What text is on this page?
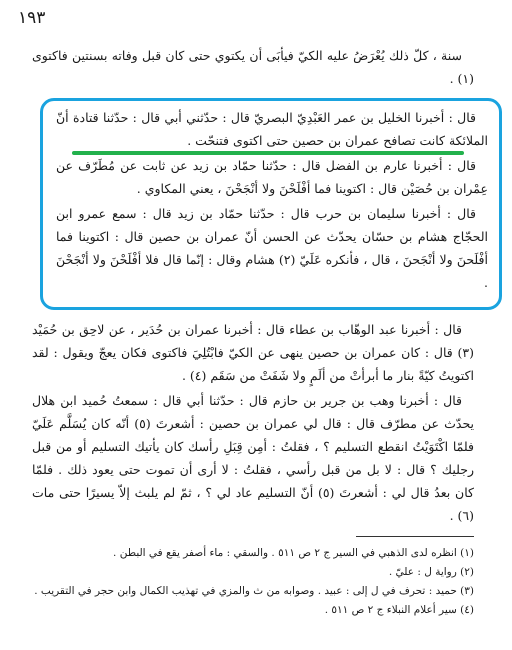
١٩٣

سنة ، كلّ ذلك يُعْرَضُ عليه الكيّ فيأبَى أن يكتوي حتى كان قبل وفاته بسنتين فاكتوى (١) .

قال : أخبرنا الخليل بن عمر العَبْدِيّ البصريّ قال : حدّثني أبي قال : حدّثنا قتادة أنّ الملائكة كانت تصافح عمران بن حصين حتى اكتوى فتنحّت .

قال : أخبرنا عارم بن الفضل قال : حدّثنا حمّاد بن زيد عن ثابت عن مُطَرّف عن عِمْران بن حُصَيْن قال : اكتوينا فما أفْلَحْنَ ولا أنْجَحْنَ ، يعني المكاوي .

قال : أخبرنا سليمان بن حرب قال : حدّثنا حمّاد بن زيد قال : سمع عمرو ابن الحجّاج هشام بن حسّان يحدّث عن الحسن أنّ عمران بن حصين قال : اكتوينا فما أفْلَحنَ ولا أنْجَحنَ ، قال ، فأنكره عَلَيّ (٢) هشام وقال : إنّما قال فلا أفْلَحْنَ ولا أنْجَحْنَ .

قال : أخبرنا عبد الوهّاب بن عطاء قال : أخبرنا عمران بن حُدَير ، عن لاحِق بن حُمَيْد (٣) قال : كان عمران بن حصين ينهى عن الكيّ فابْتُلِيَ فاكتوى فكان يعجّ ويقول : لقد اكتويتُ كيّةً بنار ما أبرأتْ من ألَمٍ ولا شَفَتْ من سَقَم (٤) .

قال : أخبرنا وهب بن جرير بن حازم قال : حدّثنا أبي قال : سمعتُ حُميد ابن هلال يحدّث عن مطرّف قال : قال لي عمران بن حصين : أشعرتَ (٥) أنّه كان يُسَلَّم عَلَيّ فلمّا اكْتَوَيْتُ انقطع التسليم ؟ ، فقلتُ : أمِن قِبَلِ رأسك كان يأتيك التسليم أو من قبل رجليك ؟ قال : لا بل من قبل رأسي ، فقلتُ : لا أرى أن تموت حتى يعود ذلك . فلمّا كان بعدُ قال لي : أشعرتَ (٥) أنّ التسليم عاد لي ؟ ، ثمّ لم يلبث إلاّ يسيرًا حتى مات (٦) .

(١) انظره لدى الذهبي في السير ج ٢ ص ٥١١ . والسقي : ماء أصفر يقع في البطن .

(٢) رواية ل : عليّ .

(٣) حميد : تحرف في ل إلى : عبيد . وصوابه من ث والمزي في تهذيب الكمال وابن حجر في التقريب .

(٤) سير أعلام النبلاء ج ٢ ص ٥١١ .
